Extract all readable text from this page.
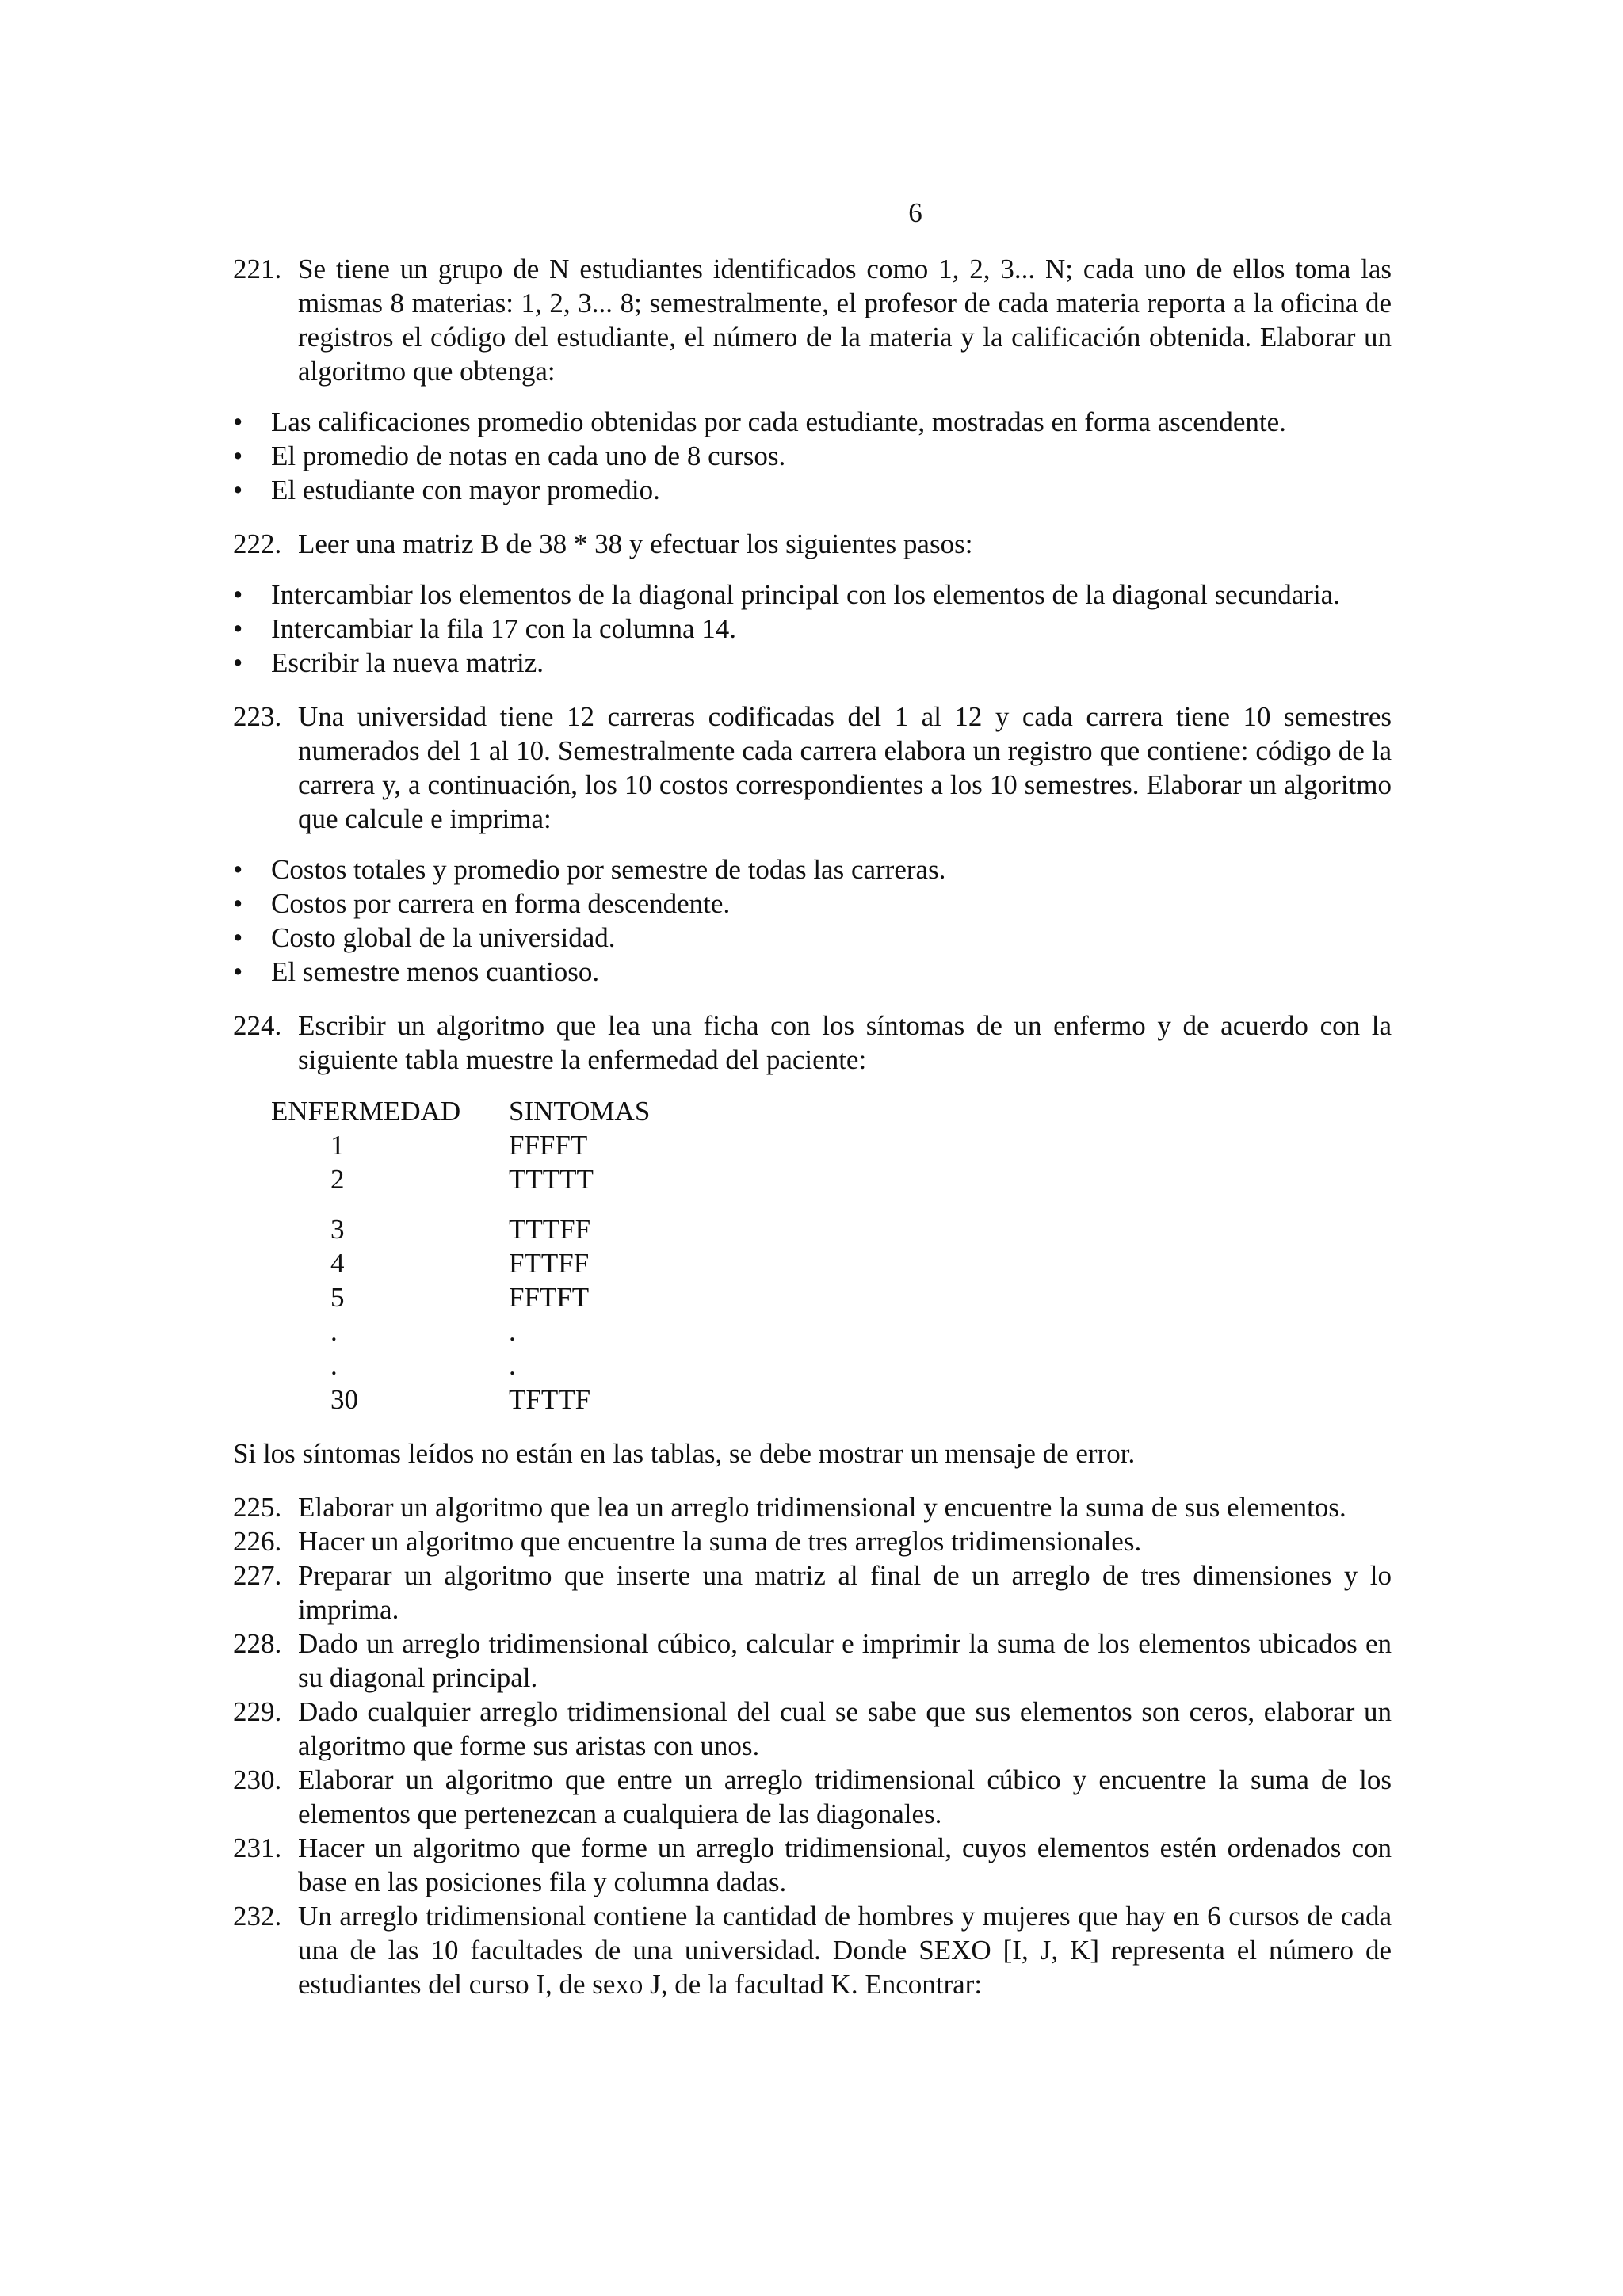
6
221. Se tiene un grupo de N estudiantes identificados como 1, 2, 3... N; cada uno de ellos toma las mismas 8 materias: 1, 2, 3... 8; semestralmente, el profesor de cada materia reporta a la oficina de registros el código del estudiante, el número de la materia y la calificación obtenida. Elaborar un algoritmo que obtenga:
• Las calificaciones promedio obtenidas por cada estudiante, mostradas en forma ascendente.
• El promedio de notas en cada uno de 8 cursos.
• El estudiante con mayor promedio.
222. Leer una matriz B de 38 * 38 y efectuar los siguientes pasos:
• Intercambiar los elementos de la diagonal principal con los elementos de la diagonal secundaria.
• Intercambiar la fila 17 con la columna 14.
• Escribir la nueva matriz.
223. Una universidad tiene 12 carreras codificadas del 1 al 12 y cada carrera tiene 10 semestres numerados del 1 al 10. Semestralmente cada carrera elabora un registro que contiene: código de la carrera y, a continuación, los 10 costos correspondientes a los 10 semestres. Elaborar un algoritmo que calcule e imprima:
• Costos totales y promedio por semestre de todas las carreras.
• Costos por carrera en forma descendente.
• Costo global de la universidad.
• El semestre menos cuantioso.
224. Escribir un algoritmo que lea una ficha con los síntomas de un enfermo y de acuerdo con la siguiente tabla muestre la enfermedad del paciente:
ENFERMEDAD	SINTOMAS
1	FFFFT
2	TTTTT
3	TTTFF
4	FTTFF
5	FFTFT
.	.
.	.
30	TFTTF
Si los síntomas leídos no están en las tablas, se debe mostrar un mensaje de error.
225. Elaborar un algoritmo que lea un arreglo tridimensional y encuentre la suma de sus elementos.
226. Hacer un algoritmo que encuentre la suma de tres arreglos tridimensionales.
227. Preparar un algoritmo que inserte una matriz al final de un arreglo de tres dimensiones y lo imprima.
228. Dado un arreglo tridimensional cúbico, calcular e imprimir la suma de los elementos ubicados en su diagonal principal.
229. Dado cualquier arreglo tridimensional del cual se sabe que sus elementos son ceros, elaborar un algoritmo que forme sus aristas con unos.
230. Elaborar un algoritmo que entre un arreglo tridimensional cúbico y encuentre la suma de los elementos que pertenezcan a cualquiera de las diagonales.
231. Hacer un algoritmo que forme un arreglo tridimensional, cuyos elementos estén ordenados con base en las posiciones fila y columna dadas.
232. Un arreglo tridimensional contiene la cantidad de hombres y mujeres que hay en 6 cursos de cada una de las 10 facultades de una universidad. Donde SEXO [I, J, K] representa el número de estudiantes del curso I, de sexo J, de la facultad K. Encontrar:
